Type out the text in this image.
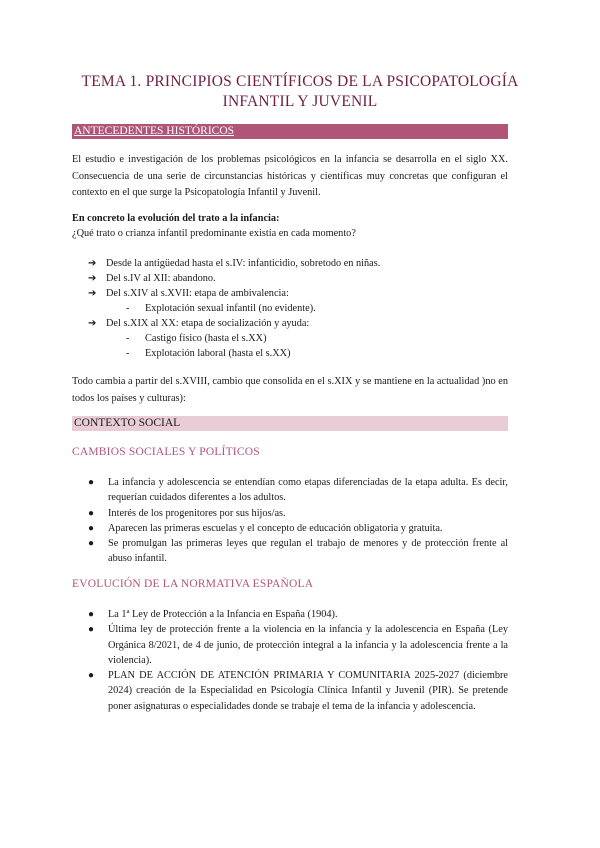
TEMA 1. PRINCIPIOS CIENTÍFICOS DE LA PSICOPATOLOGÍA
INFANTIL Y JUVENIL
ANTECEDENTES HISTÓRICOS
El estudio e investigación de los problemas psicológicos en la infancia se desarrolla en el siglo XX. Consecuencia de una serie de circunstancias históricas y científicas muy concretas que configuran el contexto en el que surge la Psicopatología Infantil y Juvenil.
En concreto la evolución del trato a la infancia:
¿Qué trato o crianza infantil predominante existía en cada momento?
➔ Desde la antigüedad hasta el s.IV: infanticidio, sobretodo en niñas.
➔ Del s.IV al XII: abandono.
➔ Del s.XIV al s.XVII: etapa de ambivalencia:
- Explotación sexual infantil (no evidente).
➔ Del s.XIX al XX: etapa de socialización y ayuda:
- Castigo físico (hasta el s.XX)
- Explotación laboral (hasta el s.XX)
Todo cambia a partir del s.XVIII, cambio que consolida en el s.XIX y se mantiene en la actualidad )no en todos los países y culturas):
CONTEXTO SOCIAL
CAMBIOS SOCIALES Y POLÍTICOS
● La infancia y adolescencia se entendían como etapas diferenciadas de la etapa adulta. Es decir, requerían cuidados diferentes a los adultos.
● Interés de los progenitores por sus hijos/as.
● Aparecen las primeras escuelas y el concepto de educación obligatoria y gratuita.
● Se promulgan las primeras leyes que regulan el trabajo de menores y de protección frente al abuso infantil.
EVOLUCIÓN DE LA NORMATIVA ESPAÑOLA
● La 1ª Ley de Protección a la Infancia en España (1904).
● Última ley de protección frente a la violencia en la infancia y la adolescencia en España (Ley Orgánica 8/2021, de 4 de junio, de protección integral a la infancia y la adolescencia frente a la violencia).
● PLAN DE ACCIÓN DE ATENCIÓN PRIMARIA Y COMUNITARIA 2025-2027 (diciembre 2024) creación de la Especialidad en Psicología Clínica Infantil y Juvenil (PIR). Se pretende poner asignaturas o especialidades donde se trabaje el tema de la infancia y adolescencia.
